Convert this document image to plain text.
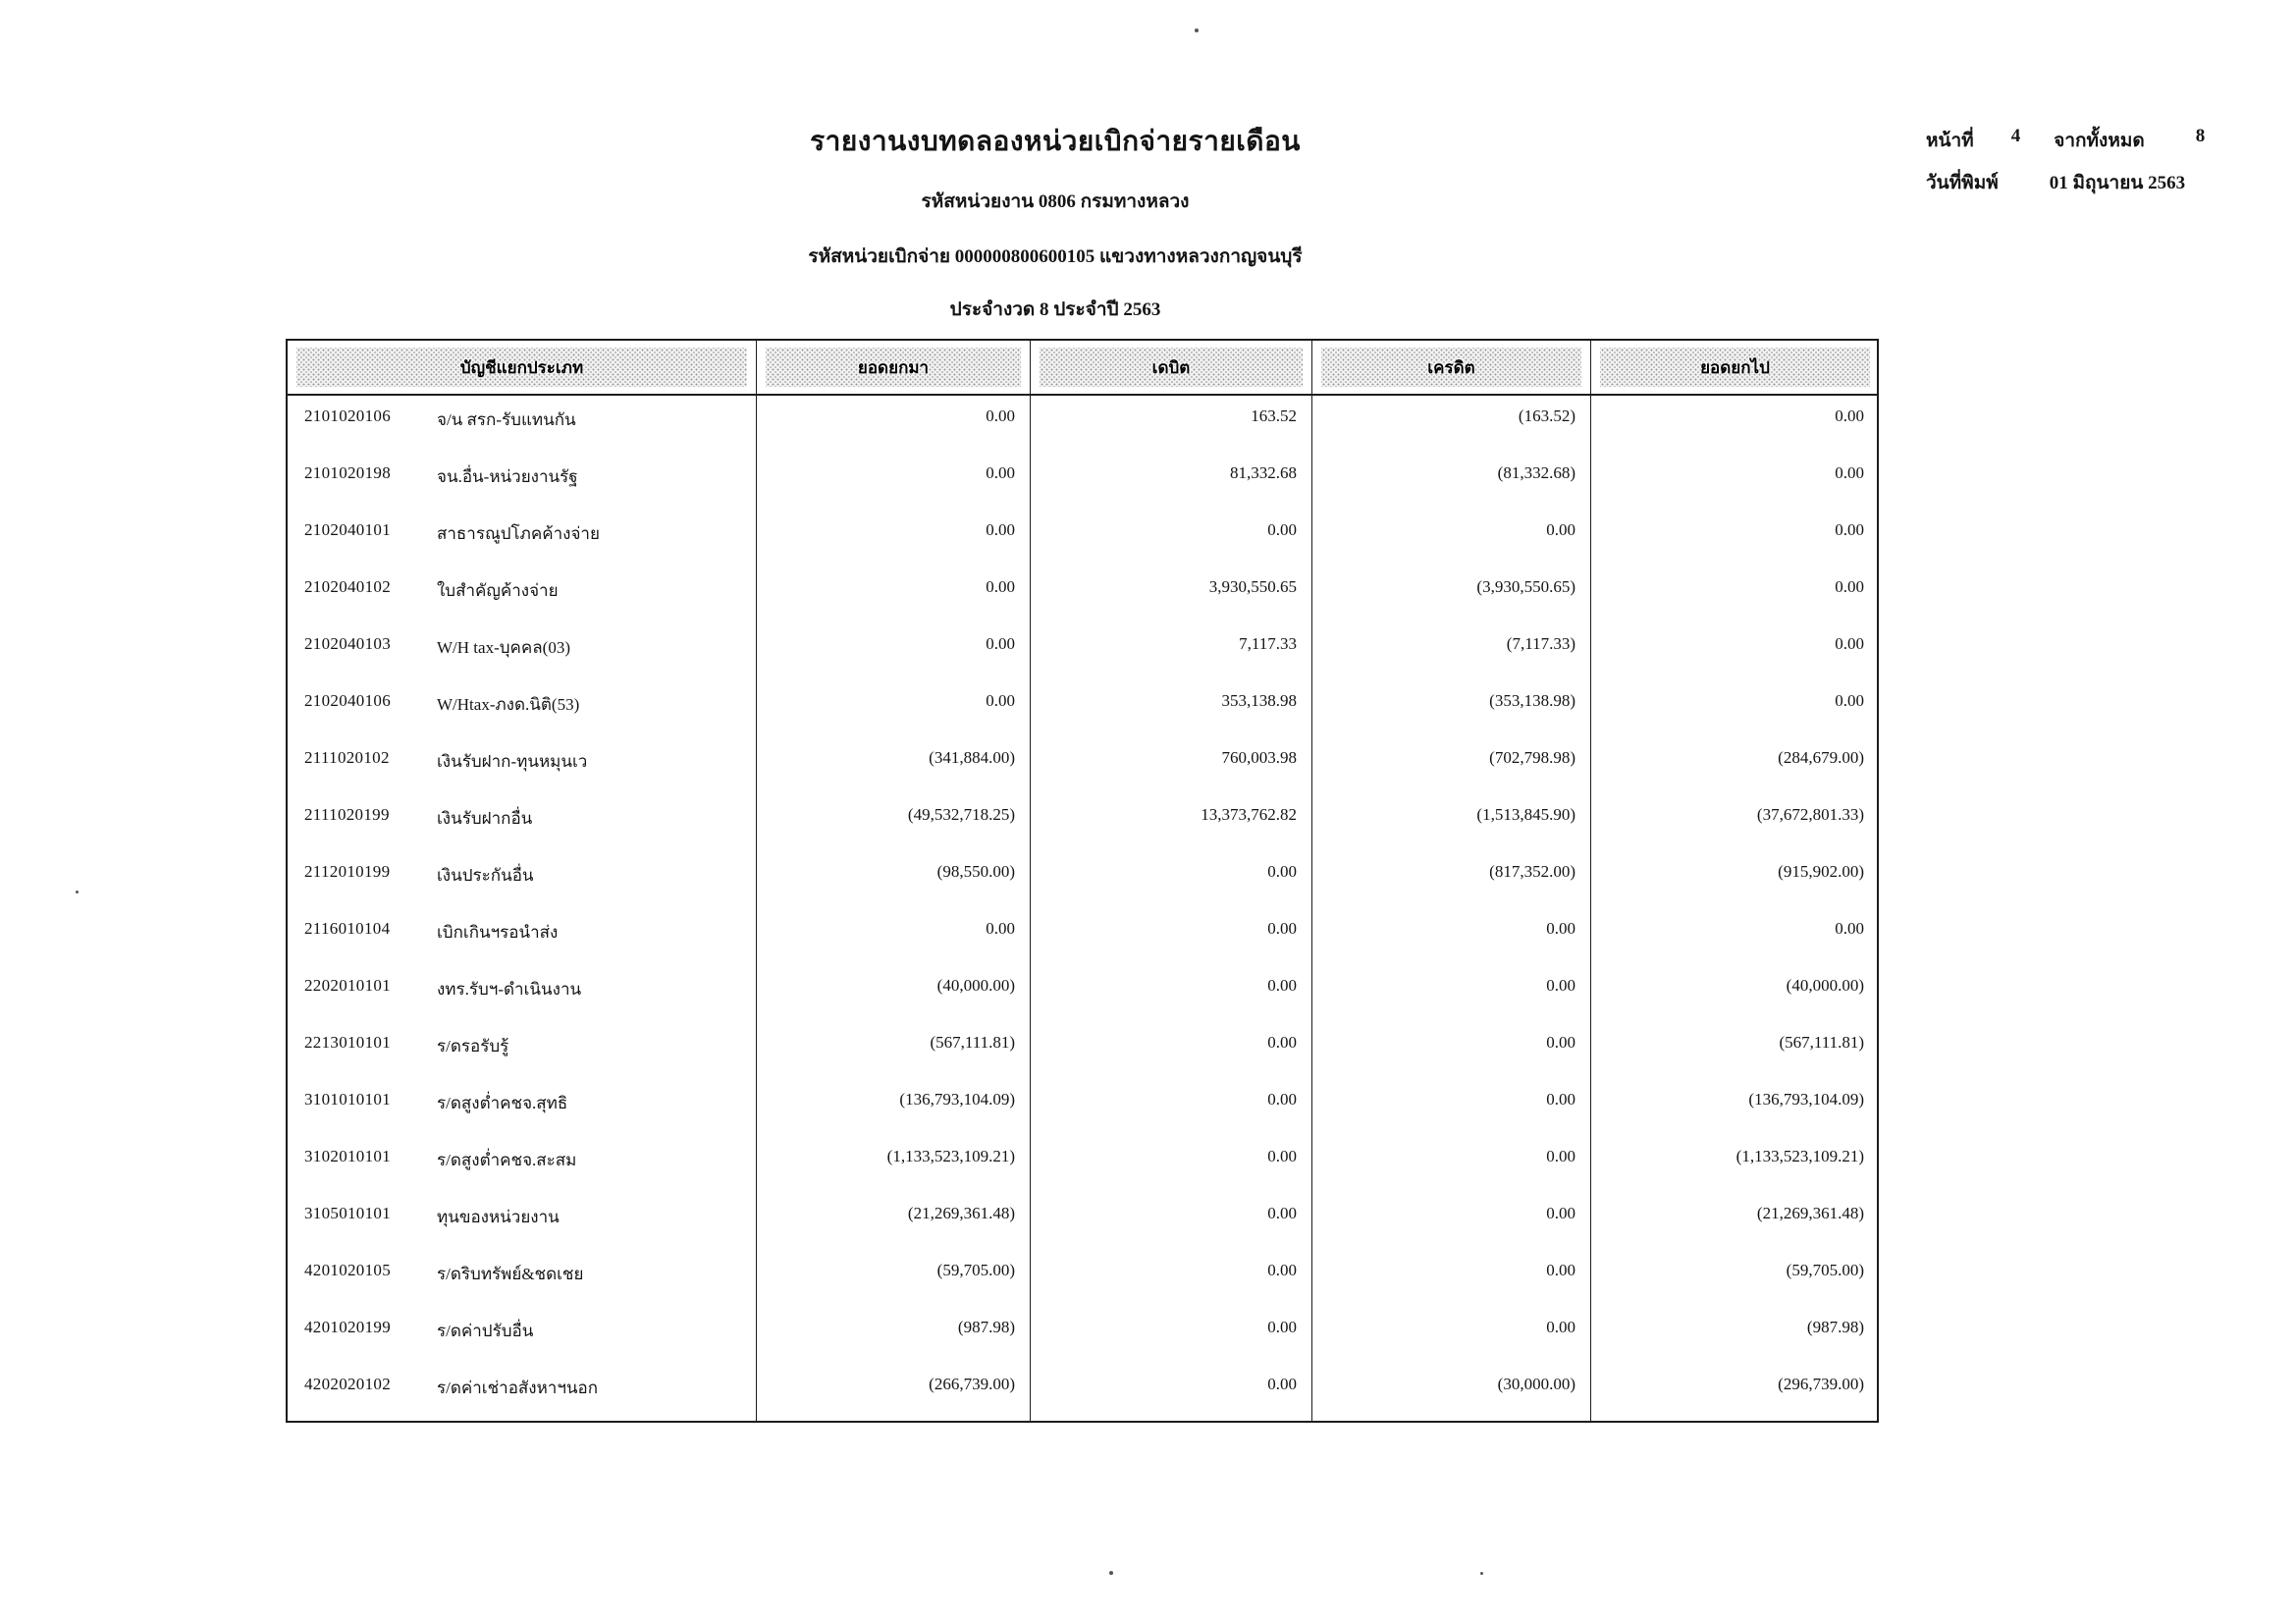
รายงานงบทดลองหน่วยเบิกจ่ายรายเดือน
รหัสหน่วยงาน 0806 กรมทางหลวง
รหัสหน่วยเบิกจ่าย 000000800600105 แขวงทางหลวงกาญจนบุรี
ประจำงวด 8 ประจำปี 2563
หน้าที่ 4 จากทั้งหมด	8
วันที่พิมพ์	01 มิถุนายน 2563
บัญชีแยกประเภท	ยอดยกมา	เดบิต	เครดิต	ยอดยกไป
2101020106	จ/น สรก-รับแทนกัน	0.00	163.52	(163.52)	0.00
2101020198	จน.อื่น-หน่วยงานรัฐ	0.00	81,332.68	(81,332.68)	0.00
2102040101	สาธารณูปโภคค้างจ่าย	0.00	0.00	0.00	0.00
2102040102	ใบสำคัญค้างจ่าย	0.00	3,930,550.65	(3,930,550.65)	0.00
2102040103	W/H tax-บุคคล(03)	0.00	7,117.33	(7,117.33)	0.00
2102040106	W/Htax-ภงด.นิติ(53)	0.00	353,138.98	(353,138.98)	0.00
2111020102	เงินรับฝาก-ทุนหมุนเว	(341,884.00)	760,003.98	(702,798.98)	(284,679.00)
2111020199	เงินรับฝากอื่น	(49,532,718.25)	13,373,762.82	(1,513,845.90)	(37,672,801.33)
2112010199	เงินประกันอื่น	(98,550.00)	0.00	(817,352.00)	(915,902.00)
2116010104	เบิกเกินฯรอนำส่ง	0.00	0.00	0.00	0.00
2202010101	งทร.รับฯ-ดำเนินงาน	(40,000.00)	0.00	0.00	(40,000.00)
2213010101	ร/ดรอรับรู้	(567,111.81)	0.00	0.00	(567,111.81)
3101010101	ร/ดสูงต่ำคชจ.สุทธิ	(136,793,104.09)	0.00	0.00	(136,793,104.09)
3102010101	ร/ดสูงต่ำคชจ.สะสม	(1,133,523,109.21)	0.00	0.00	(1,133,523,109.21)
3105010101	ทุนของหน่วยงาน	(21,269,361.48)	0.00	0.00	(21,269,361.48)
4201020105	ร/ดริบทรัพย์&ชดเชย	(59,705.00)	0.00	0.00	(59,705.00)
4201020199	ร/ดค่าปรับอื่น	(987.98)	0.00	0.00	(987.98)
4202020102	ร/ดค่าเช่าอสังหาฯนอก	(266,739.00)	0.00	(30,000.00)	(296,739.00)
